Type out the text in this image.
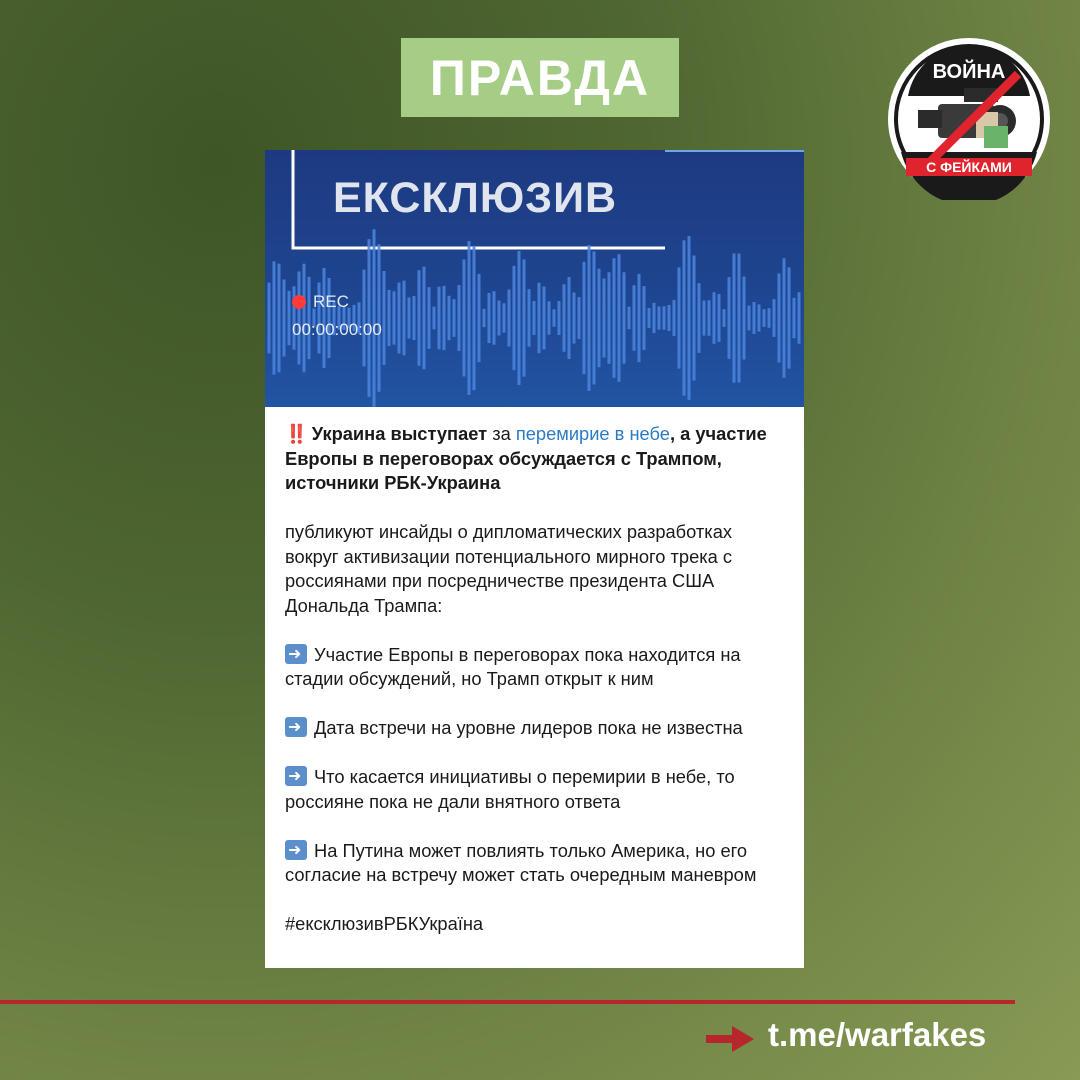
ПРАВДА	ВОЙНА
С ФЕЙКАМИ
ЕКСКЛЮЗИВ
REC
00:00:00:00

‼️ Украина выступает за перемирие в небе, а участие Европы в переговорах обсуждается с Трампом, источники РБК-Украина

публикуют инсайды о дипломатических разработках вокруг активизации потенциального мирного трека с россиянами при посредничестве президента США Дональда Трампа:

➜Участие Европы в переговорах пока находится на стадии обсуждений, но Трамп открыт к ним

➜Дата встречи на уровне лидеров пока не известна

➜Что касается инициативы о перемирии в небе, то россияне пока не дали внятного ответа

➜На Путина может повлиять только Америка, но его согласие на встречу может стать очередным маневром

#ексклюзивРБКУкраїна

t.me/warfakes
